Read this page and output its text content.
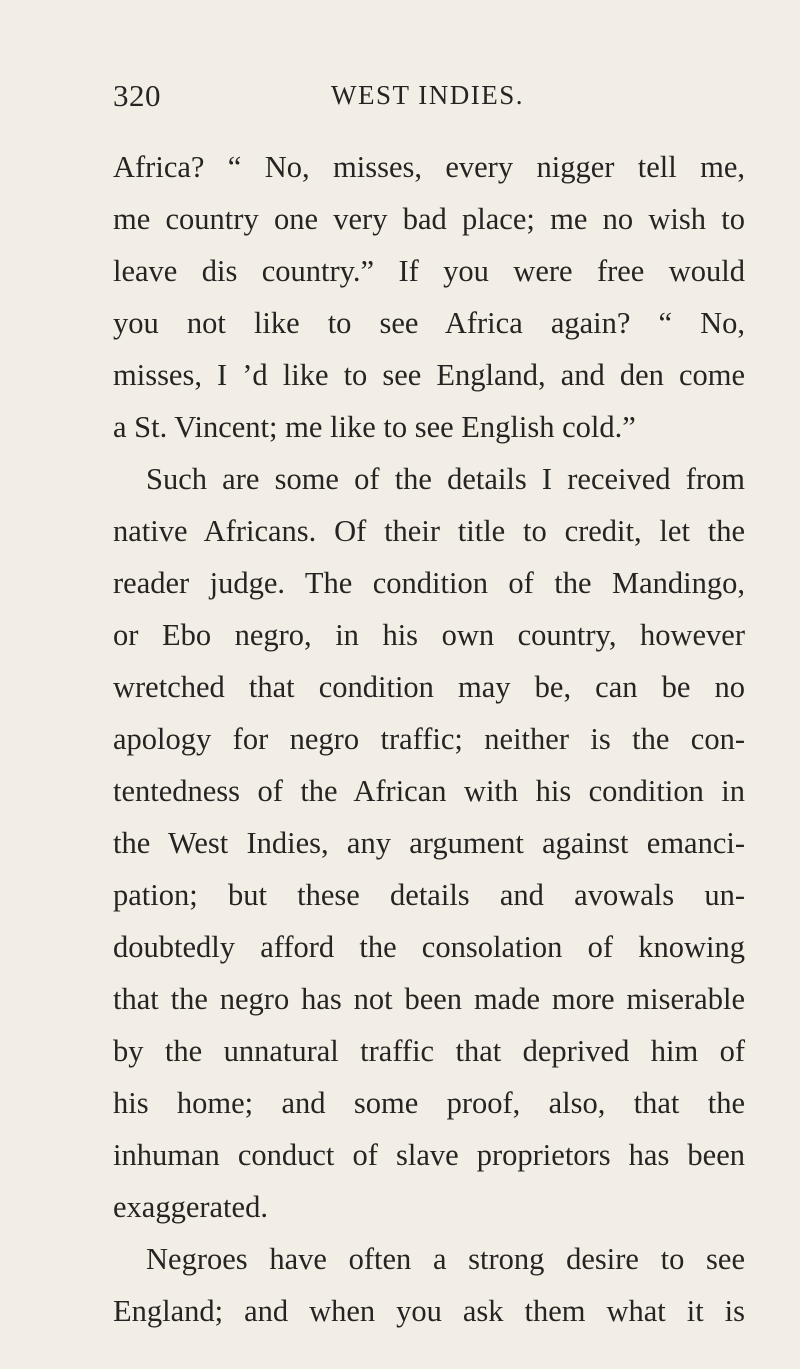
320	WEST INDIES.
Africa? “ No, misses, every nigger tell me,
me country one very bad place; me no wish to
leave dis country.” If you were free would
you not like to see Africa again? “ No,
misses, I ’d like to see England, and den come
a St. Vincent; me like to see English cold.”
Such are some of the details I received from
native Africans. Of their title to credit, let the
reader judge. The condition of the Mandingo,
or Ebo negro, in his own country, however
wretched that condition may be, can be no
apology for negro traffic; neither is the con-
tentedness of the African with his condition in
the West Indies, any argument against emanci-
pation; but these details and avowals un-
doubtedly afford the consolation of knowing
that the negro has not been made more miserable
by the unnatural traffic that deprived him of
his home; and some proof, also, that the
inhuman conduct of slave proprietors has been
exaggerated.
Negroes have often a strong desire to see
England; and when you ask them what it is
